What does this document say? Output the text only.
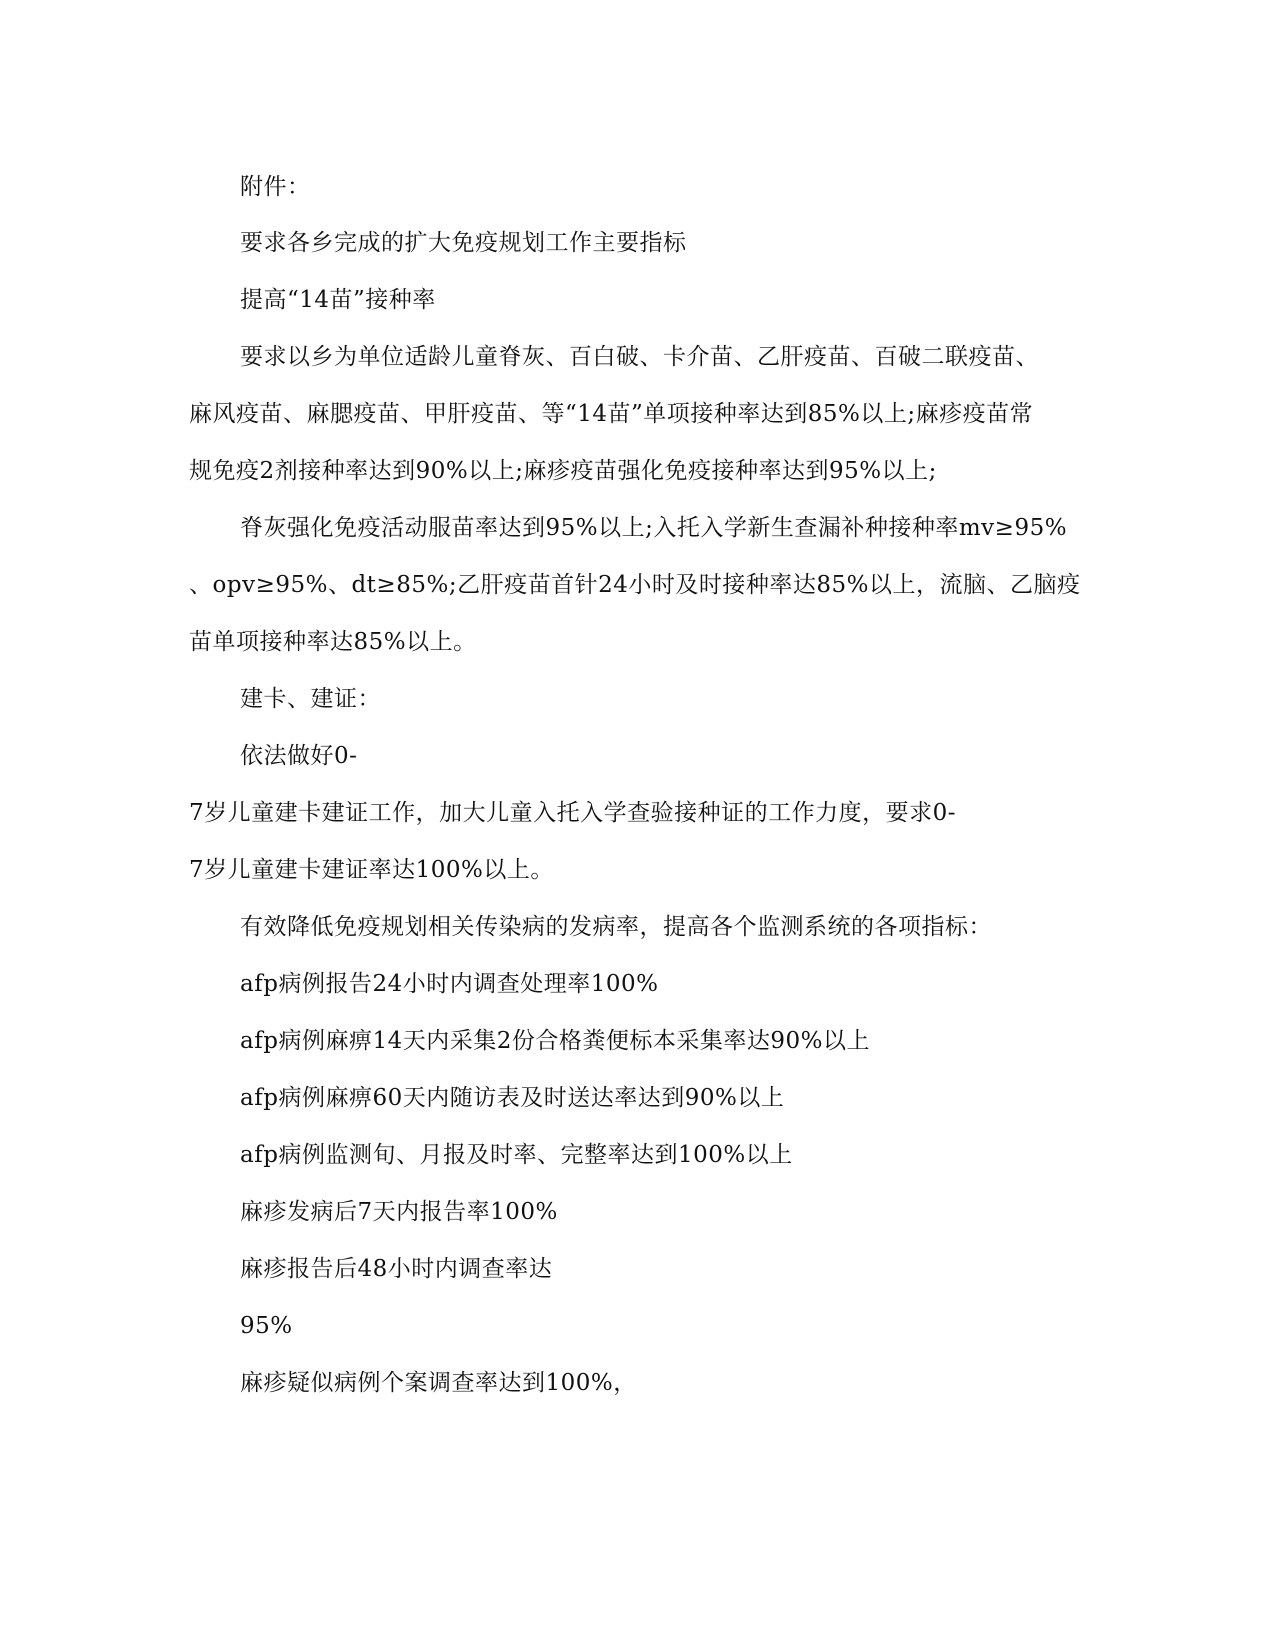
附件：
要求各乡完成的扩大免疫规划工作主要指标
提高“14苗”接种率
要求以乡为单位适龄儿童脊灰、百白破、卡介苗、乙肝疫苗、百破二联疫苗、
麻风疫苗、麻腮疫苗、甲肝疫苗、等“14苗”单项接种率达到85%以上;麻疹疫苗常
规免疫2剂接种率达到90%以上;麻疹疫苗强化免疫接种率达到95%以上;
脊灰强化免疫活动服苗率达到95%以上;入托入学新生查漏补种接种率mv≥95%
、opv≥95%、dt≥85%;乙肝疫苗首针24小时及时接种率达85%以上，流脑、乙脑疫
苗单项接种率达85%以上。
建卡、建证：
依法做好0-
7岁儿童建卡建证工作，加大儿童入托入学查验接种证的工作力度，要求0-
7岁儿童建卡建证率达100%以上。
有效降低免疫规划相关传染病的发病率，提高各个监测系统的各项指标：
afp病例报告24小时内调查处理率100%
afp病例麻痹14天内采集2份合格粪便标本采集率达90%以上
afp病例麻痹60天内随访表及时送达率达到90%以上
afp病例监测旬、月报及时率、完整率达到100%以上
麻疹发病后7天内报告率100%
麻疹报告后48小时内调查率达
95%
麻疹疑似病例个案调查率达到100%，
